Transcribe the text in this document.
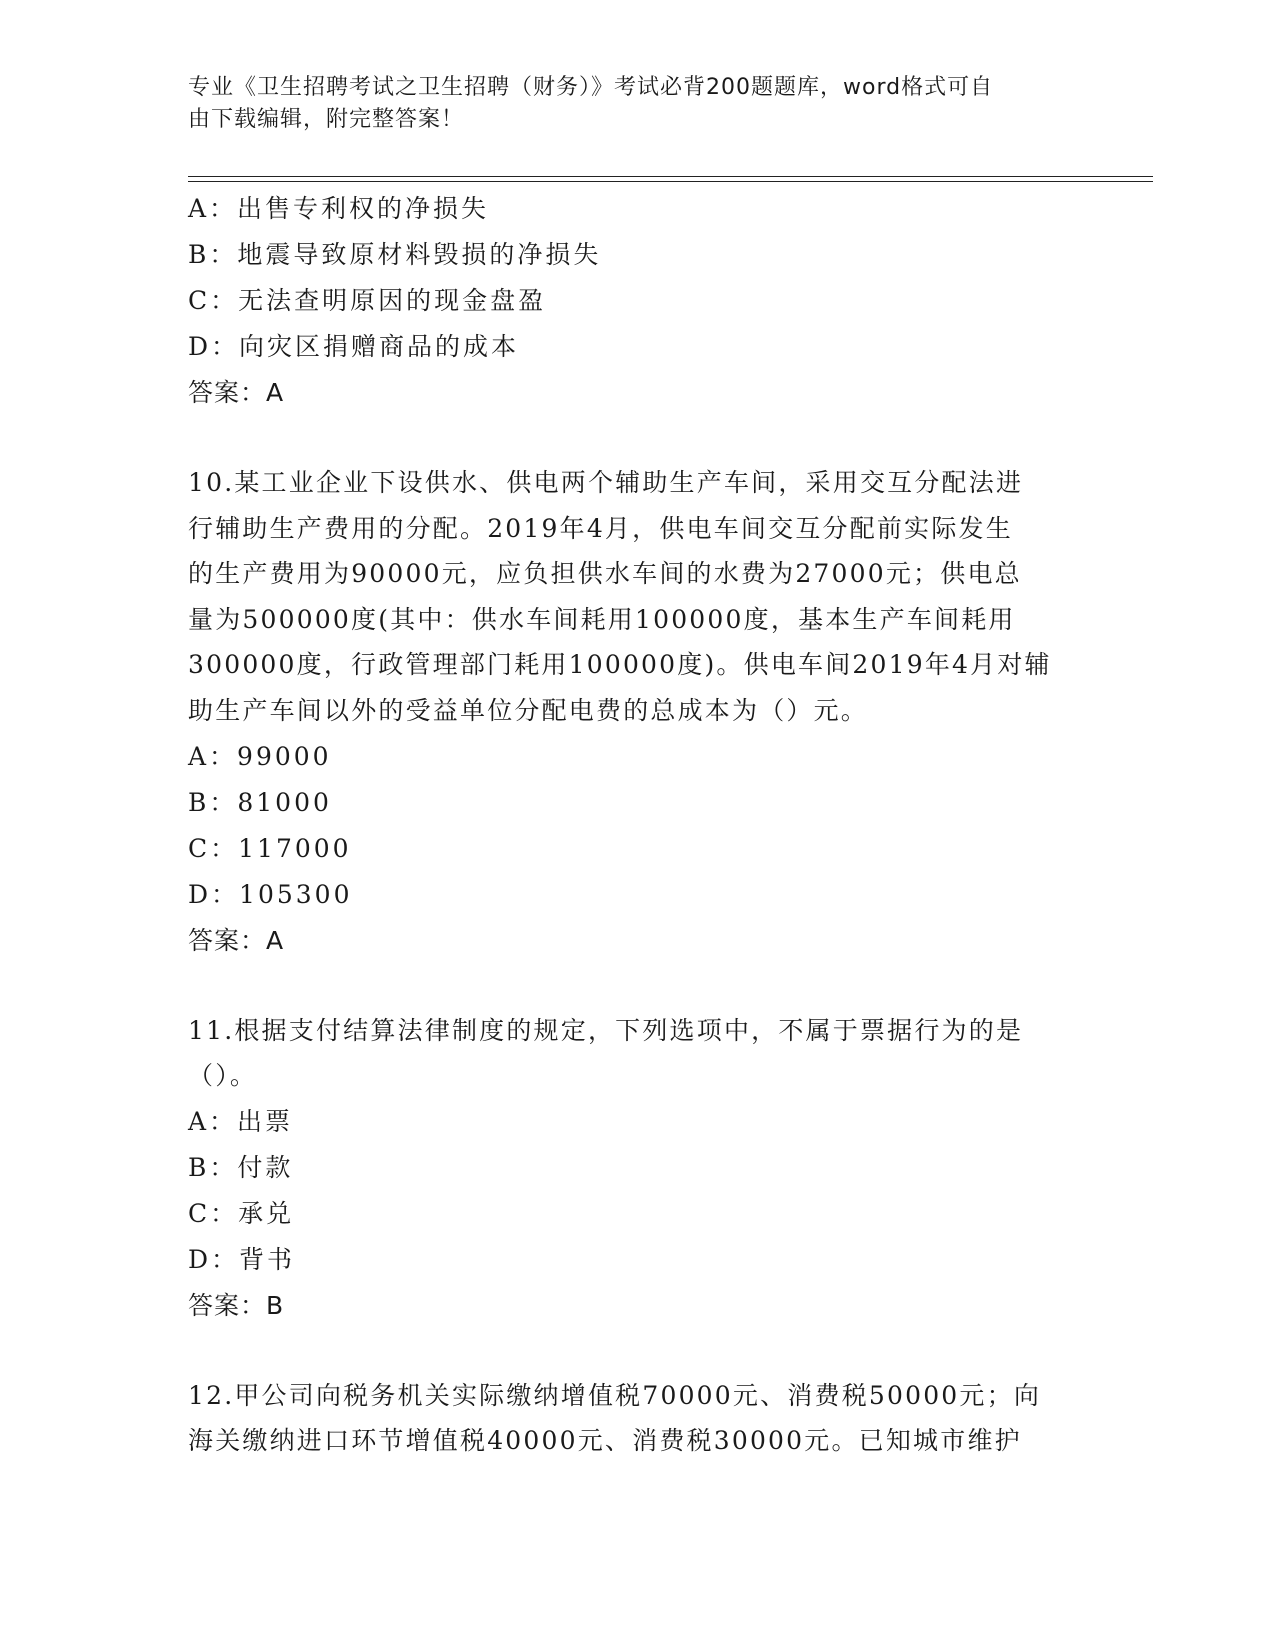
专业《卫生招聘考试之卫生招聘（财务）》考试必背200题题库，word格式可自
由下载编辑，附完整答案！

A：出售专利权的净损失
B：地震导致原材料毁损的净损失
C：无法查明原因的现金盘盈
D：向灾区捐赠商品的成本
答案：A
10.某工业企业下设供水、供电两个辅助生产车间，采用交互分配法进
行辅助生产费用的分配。2019年4月，供电车间交互分配前实际发生
的生产费用为90000元，应负担供水车间的水费为27000元；供电总
量为500000度(其中：供水车间耗用100000度，基本生产车间耗用
300000度，行政管理部门耗用100000度)。供电车间2019年4月对辅
助生产车间以外的受益单位分配电费的总成本为（）元。
A：99000
B：81000
C：117000
D：105300
答案：A
11.根据支付结算法律制度的规定，下列选项中，不属于票据行为的是
（）。
A：出票
B：付款
C：承兑
D：背书
答案：B
12.甲公司向税务机关实际缴纳增值税70000元、消费税50000元；向
海关缴纳进口环节增值税40000元、消费税30000元。已知城市维护
